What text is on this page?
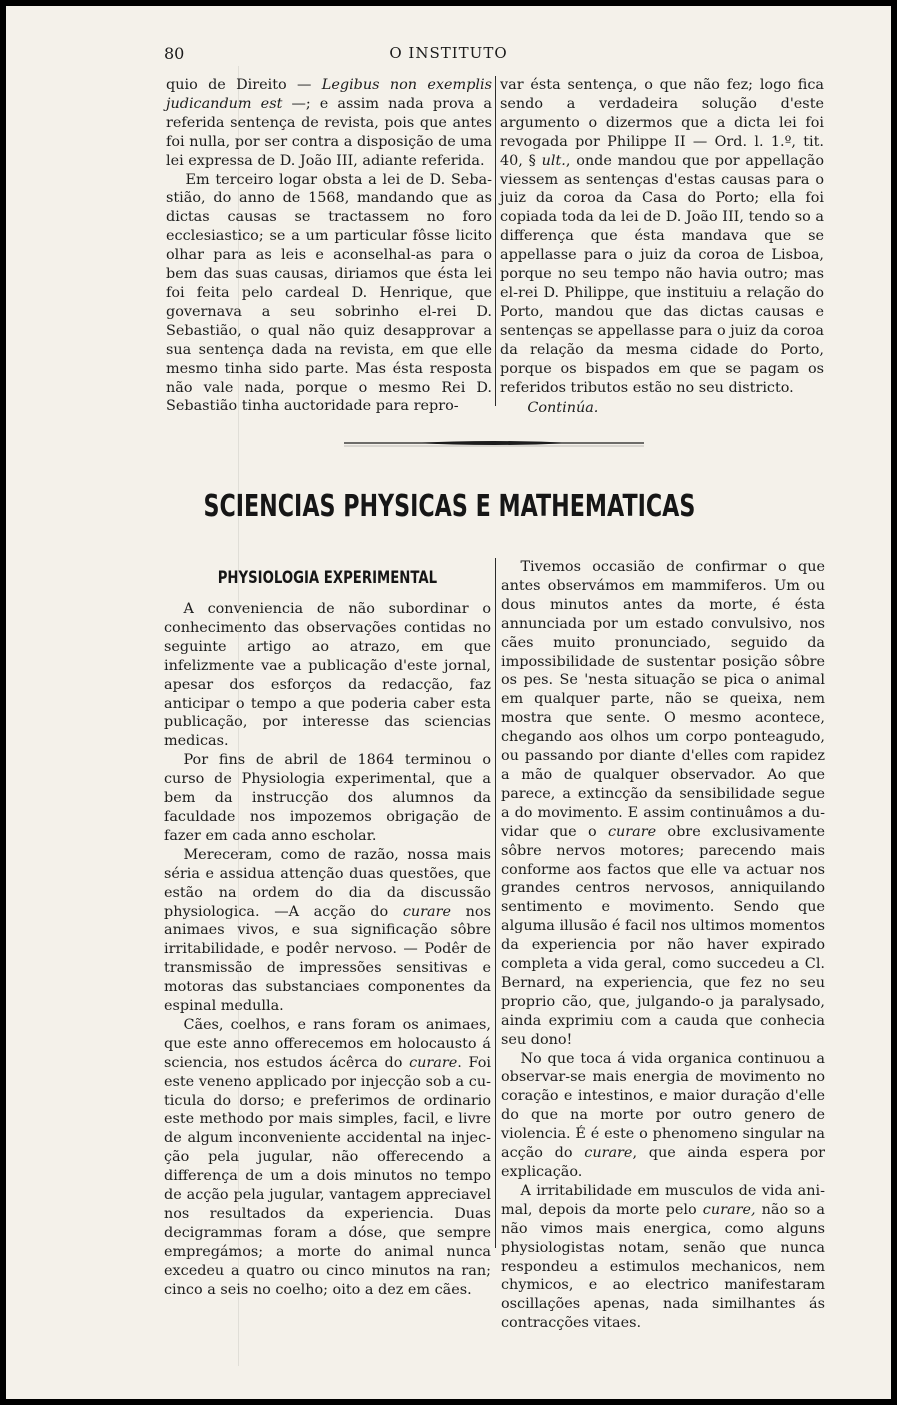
80	O INSTITUTO

quio de Direito — Legibus non exemplis judicandum est —; e assim nada prova a referida sentença de revista, pois que antes foi nulla, por ser contra a disposição de uma lei expressa de D. João III, adiante referida.

Em terceiro logar obsta a lei de D. Sebastião, do anno de 1568, mandando que as dictas causas se tractassem no foro ecclesiastico; se a um particular fôsse licito olhar para as leis e aconselhal-as para o bem das suas causas, diriamos que ésta lei foi feita pelo cardeal D. Henrique, que governava a seu sobrinho el-rei D. Sebastião, o qual não quiz desapprovar a sua sentença dada na revista, em que elle mesmo tinha sido parte. Mas ésta resposta não vale nada, porque o mesmo Rei D. Sebastião tinha auctoridade para repro-

var ésta sentença, o que não fez; logo fica sendo a verdadeira solução d'este argumento o dizermos que a dicta lei foi revogada por Philippe II — Ord. l. 1.º, tit. 40, § ult., onde mandou que por appellação viessem as sentenças d'estas causas para o juiz da coroa da Casa do Porto; ella foi copiada toda da lei de D. João III, tendo so a differença que ésta mandava que se appellasse para o juiz da coroa de Lisboa, porque no seu tempo não havia outro; mas el-rei D. Philippe, que instituiu a relação do Porto, mandou que das dictas causas e sentenças se appellasse para o juiz da coroa da relação da mesma cidade do Porto, porque os bispados em que se pagam os referidos tributos estão no seu districto.

Continúa.

SCIENCIAS PHYSICAS E MATHEMATICAS
PHYSIOLOGIA EXPERIMENTAL

A conveniencia de não subordinar o conhecimento das observações contidas no seguinte artigo ao atrazo, em que infelizmente vae a publicação d'este jornal, apesar dos esforços da redacção, faz anticipar o tempo a que poderia caber esta publicação, por interesse das sciencias medicas.

Por fins de abril de 1864 terminou o curso de Physiologia experimental, que a bem da instrucção dos alumnos da faculdade nos impozemos obrigação de fazer em cada anno escholar.

Mereceram, como de razão, nossa mais séria e assidua attenção duas questões, que estão na ordem do dia da discussão physiologica. —A acção do curare nos animaes vivos, e sua significação sôbre irritabilidade, e podêr nervoso. — Podêr de transmissão de impressões sensitivas e motoras das substanciaes componentes da espinal medulla.

Cães, coelhos, e rans foram os animaes, que este anno offerecemos em holocausto á sciencia, nos estudos ácêrca do curare. Foi este veneno applicado por injecção sob a cuticula do dorso; e preferimos de ordinario este methodo por mais simples, facil, e livre de algum inconveniente accidental na injecção pela jugular, não offerecendo a differença de um a dois minutos no tempo de acção pela jugular, vantagem appreciavel nos resultados da experiencia. Duas decigrammas foram a dóse, que sempre empregámos; a morte do animal nunca excedeu a quatro ou cinco minutos na ran; cinco a seis no coelho; oito a dez em cães.

Tivemos occasião de confirmar o que antes observámos em mammiferos. Um ou dous minutos antes da morte, é ésta annunciada por um estado convulsivo, nos cães muito pronunciado, seguido da impossibilidade de sustentar posição sôbre os pes. Se 'nesta situação se pica o animal em qualquer parte, não se queixa, nem mostra que sente. O mesmo acontece, chegando aos olhos um corpo ponteagudo, ou passando por diante d'elles com rapidez a mão de qualquer observador. Ao que parece, a extincção da sensibilidade segue a do movimento. E assim continuâmos a duvidar que o curare obre exclusivamente sôbre nervos motores; parecendo mais conforme aos factos que elle va actuar nos grandes centros nervosos, anniquilando sentimento e movimento. Sendo que alguma illusão é facil nos ultimos momentos da experiencia por não haver expirado completa a vida geral, como succedeu a Cl. Bernard, na experiencia, que fez no seu proprio cão, que, julgando-o ja paralysado, ainda exprimiu com a cauda que conhecia seu dono!

No que toca á vida organica continuou a observar-se mais energia de movimento no coração e intestinos, e maior duração d'elle do que na morte por outro genero de violencia. É é este o phenomeno singular na acção do curare, que ainda espera por explicação.

A irritabilidade em musculos de vida animal, depois da morte pelo curare, não so a não vimos mais energica, como alguns physiologistas notam, senão que nunca respondeu a estimulos mechanicos, nem chymicos, e ao electrico manifestaram oscillações apenas, nada similhantes ás contracções vitaes.
